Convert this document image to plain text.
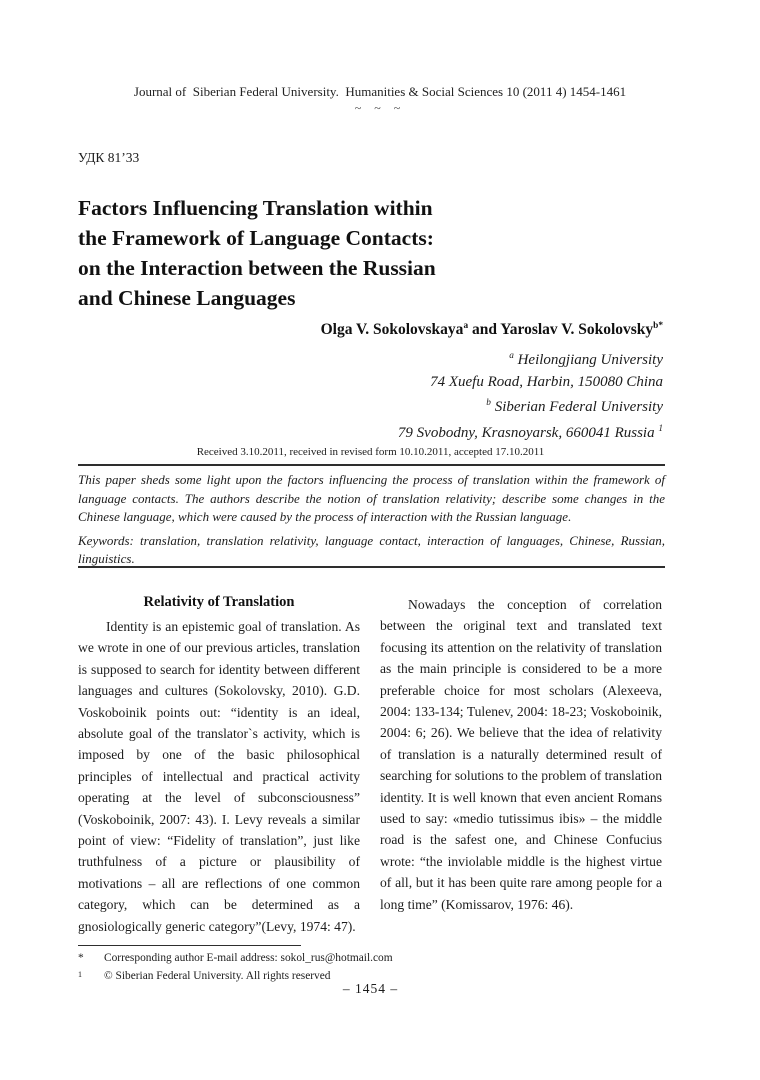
Journal of  Siberian Federal University.  Humanities & Social Sciences 10 (2011 4) 1454-1461
~ ~ ~
УДК 81’33
Factors Influencing Translation within
the Framework of Language Contacts:
on the Interaction between the Russian
and Chinese Languages
Olga V. Sokolovskaya$^a$ and Yaroslav V. Sokolovsky$^{b*}$
$^a$ Heilongjiang University
74 Xuefu Road, Harbin, 150080 China
$^b$ Siberian Federal University
79 Svobodny, Krasnoyarsk, 660041 Russia $^1$
Received 3.10.2011, received in revised form 10.10.2011, accepted 17.10.2011

This paper sheds some light upon the factors influencing the process of translation within the framework of language contacts. The authors describe the notion of translation relativity; describe some changes in the Chinese language, which were caused by the process of interaction with the Russian language.

Keywords: translation, translation relativity, language contact, interaction of languages, Chinese, Russian, linguistics.

Relativity of Translation

Identity is an epistemic goal of translation. As we wrote in one of our previous articles, translation is supposed to search for identity between different languages and cultures (Sokolovsky, 2010). G.D. Voskoboinik points out: “identity is an ideal, absolute goal of the translator`s activity, which is imposed by one of the basic philosophical principles of intellectual and practical activity operating at the level of subconsciousness” (Voskoboinik, 2007: 43). I. Levy reveals a similar point of view: “Fidelity of translation”, just like truthfulness of a picture or plausibility of motivations – all are reflections of one common category, which can be determined as a gnosiologically generic category”(Levy, 1974: 47).

Nowadays the conception of correlation between the original text and translated text focusing its attention on the relativity of translation as the main principle is considered to be a more preferable choice for most scholars (Alexeeva, 2004: 133-134; Tulenev, 2004: 18-23; Voskoboinik, 2004: 6; 26). We believe that the idea of relativity of translation is a naturally determined result of searching for solutions to the problem of translation identity. It is well known that even ancient Romans used to say: «medio tutissimus ibis» – the middle road is the safest one, and Chinese Confucius wrote: “the inviolable middle is the highest virtue of all, but it has been quite rare among people for a long time” (Komissarov, 1976: 46).

*	Corresponding author E-mail address: sokol_rus@hotmail.com
1	© Siberian Federal University. All rights reserved
– 1454 –
